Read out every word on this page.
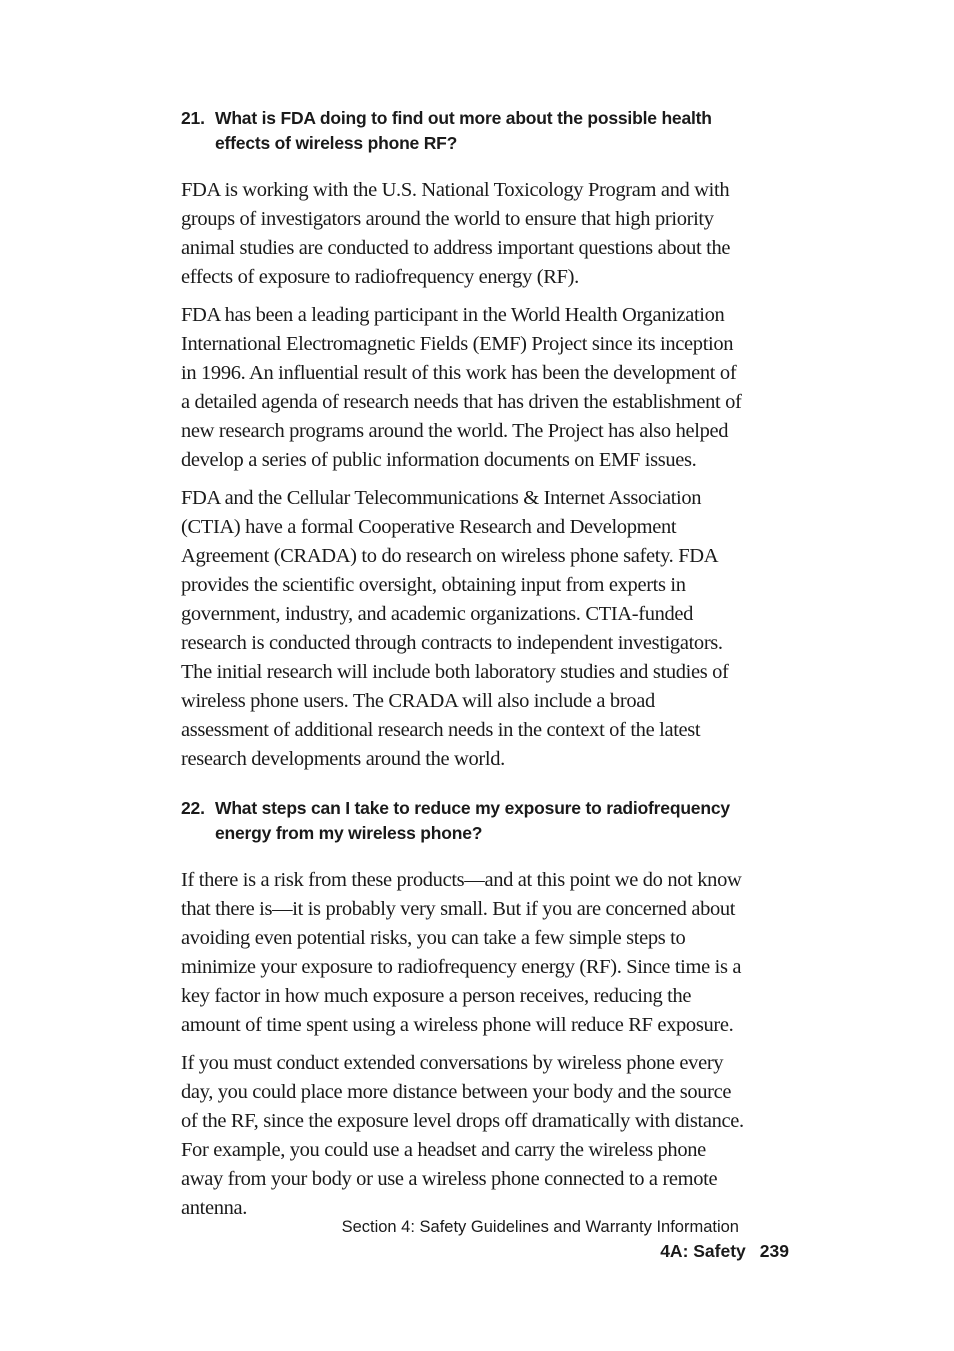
21. What is FDA doing to find out more about the possible health effects of wireless phone RF?

FDA is working with the U.S. National Toxicology Program and with groups of investigators around the world to ensure that high priority animal studies are conducted to address important questions about the effects of exposure to radiofrequency energy (RF).

FDA has been a leading participant in the World Health Organization International Electromagnetic Fields (EMF) Project since its inception in 1996. An influential result of this work has been the development of a detailed agenda of research needs that has driven the establishment of new research programs around the world. The Project has also helped develop a series of public information documents on EMF issues.

FDA and the Cellular Telecommunications & Internet Association (CTIA) have a formal Cooperative Research and Development Agreement (CRADA) to do research on wireless phone safety. FDA provides the scientific oversight, obtaining input from experts in government, industry, and academic organizations. CTIA-funded research is conducted through contracts to independent investigators. The initial research will include both laboratory studies and studies of wireless phone users. The CRADA will also include a broad assessment of additional research needs in the context of the latest research developments around the world.

22. What steps can I take to reduce my exposure to radiofrequency energy from my wireless phone?

If there is a risk from these products—and at this point we do not know that there is—it is probably very small. But if you are concerned about avoiding even potential risks, you can take a few simple steps to minimize your exposure to radiofrequency energy (RF). Since time is a key factor in how much exposure a person receives, reducing the amount of time spent using a wireless phone will reduce RF exposure.

If you must conduct extended conversations by wireless phone every day, you could place more distance between your body and the source of the RF, since the exposure level drops off dramatically with distance. For example, you could use a headset and carry the wireless phone away from your body or use a wireless phone connected to a remote antenna.

Section 4: Safety Guidelines and Warranty Information
4A: Safety 239
